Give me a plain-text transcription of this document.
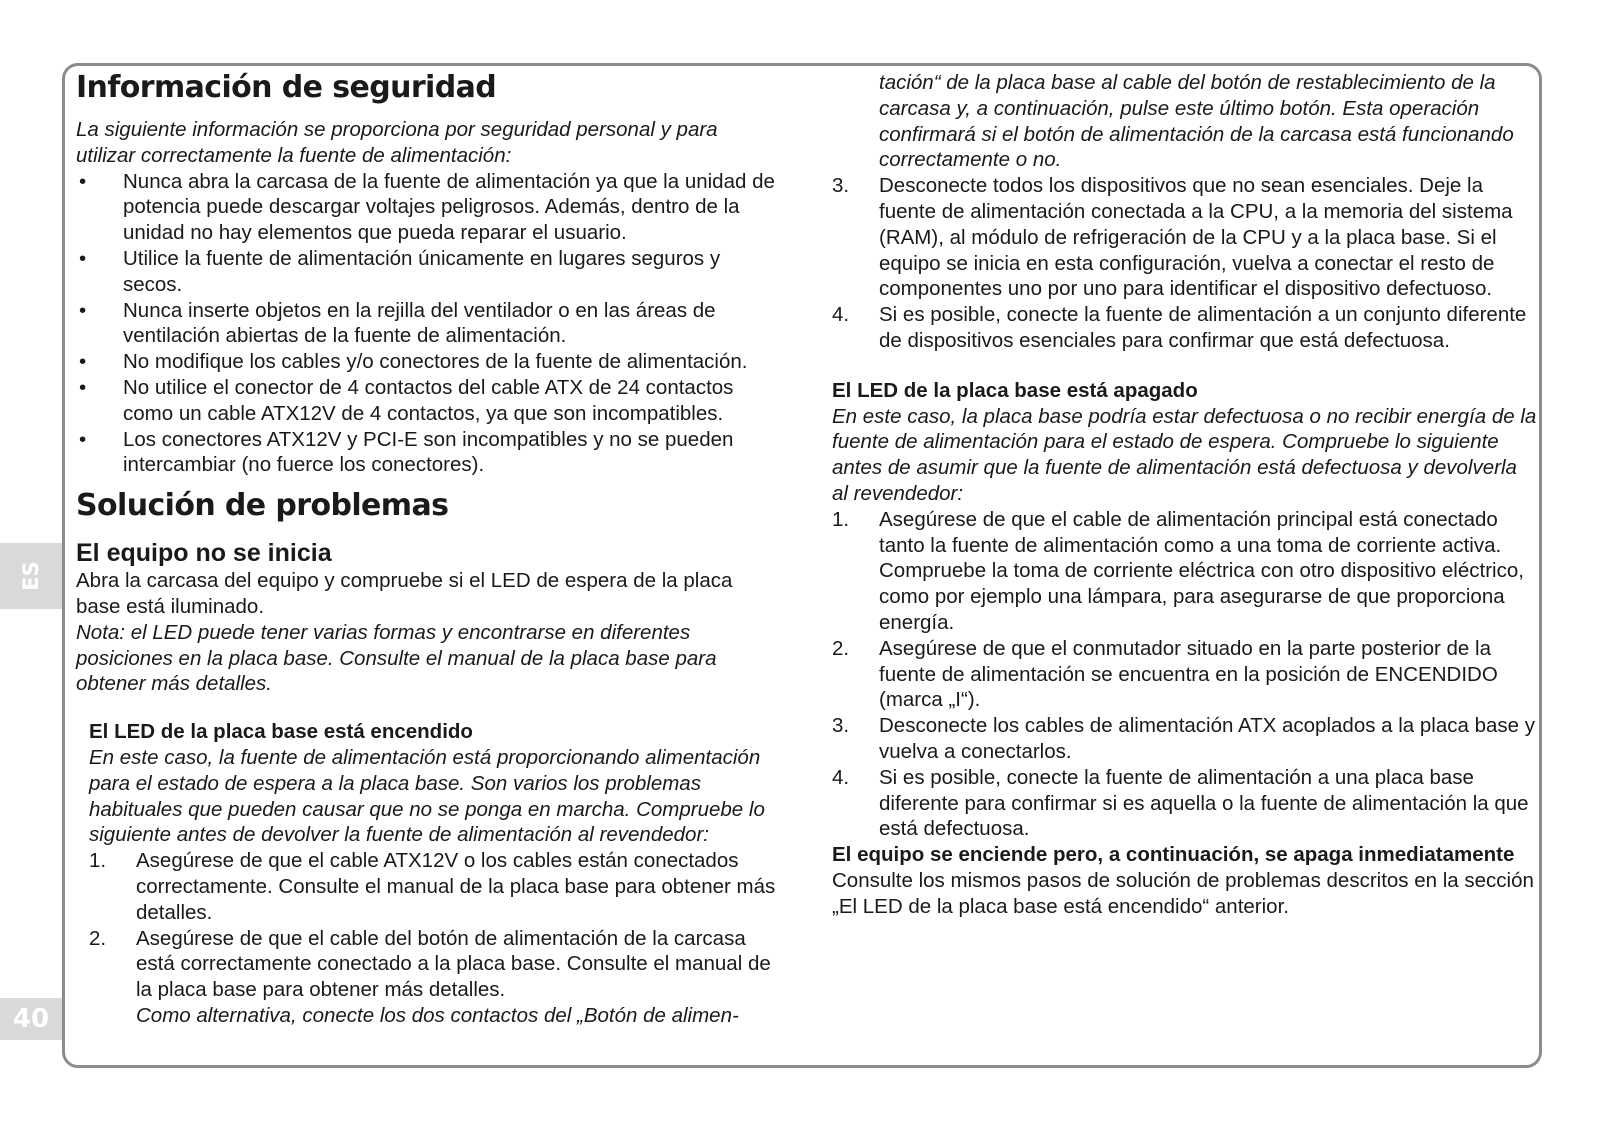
ES
40
Información de seguridad

La siguiente información se proporciona por seguridad personal y para utilizar correctamente la fuente de alimentación:

• Nunca abra la carcasa de la fuente de alimentación ya que la unidad de potencia puede descargar voltajes peligrosos. Además, dentro de la unidad no hay elementos que pueda reparar el usuario.
• Utilice la fuente de alimentación únicamente en lugares seguros y secos.
• Nunca inserte objetos en la rejilla del ventilador o en las áreas de ventilación abiertas de la fuente de alimentación.
• No modifique los cables y/o conectores de la fuente de alimentación.
• No utilice el conector de 4 contactos del cable ATX de 24 contactos como un cable ATX12V de 4 contactos, ya que son incompatibles.
• Los conectores ATX12V y PCI-E son incompatibles y no se pueden intercambiar (no fuerce los conectores).
Solución de problemas
El equipo no se inicia

Abra la carcasa del equipo y compruebe si el LED de espera de la placa base está iluminado.

Nota: el LED puede tener varias formas y encontrarse en diferentes posiciones en la placa base. Consulte el manual de la placa base para obtener más detalles.

El LED de la placa base está encendido

En este caso, la fuente de alimentación está proporcionando alimentación para el estado de espera a la placa base. Son varios los problemas habituales que pueden causar que no se ponga en marcha. Compruebe lo siguiente antes de devolver la fuente de alimentación al revendedor:

1. Asegúrese de que el cable ATX12V o los cables están conectados correctamente. Consulte el manual de la placa base para obtener más detalles.
2. Asegúrese de que el cable del botón de alimentación de la carcasa está correctamente conectado a la placa base. Consulte el manual de la placa base para obtener más detalles.
Como alternativa, conecte los dos contactos del „Botón de alimen-

tación“ de la placa base al cable del botón de restablecimiento de la carcasa y, a continuación, pulse este último botón. Esta operación confirmará si el botón de alimentación de la carcasa está funcionando correctamente o no.

3. Desconecte todos los dispositivos que no sean esenciales. Deje la fuente de alimentación conectada a la CPU, a la memoria del sistema (RAM), al módulo de refrigeración de la CPU y a la placa base. Si el equipo se inicia en esta configuración, vuelva a conectar el resto de componentes uno por uno para identificar el dispositivo defectuoso.
4. Si es posible, conecte la fuente de alimentación a un conjunto diferente de dispositivos esenciales para confirmar que está defectuosa.
El LED de la placa base está apagado

En este caso, la placa base podría estar defectuosa o no recibir energía de la fuente de alimentación para el estado de espera. Compruebe lo siguiente antes de asumir que la fuente de alimentación está defectuosa y devolverla al revendedor:

1. Asegúrese de que el cable de alimentación principal está conectado tanto la fuente de alimentación como a una toma de corriente activa. Compruebe la toma de corriente eléctrica con otro dispositivo eléctrico, como por ejemplo una lámpara, para asegurarse de que proporciona energía.
2. Asegúrese de que el conmutador situado en la parte posterior de la fuente de alimentación se encuentra en la posición de ENCENDIDO (marca „I“).
3. Desconecte los cables de alimentación ATX acoplados a la placa base y vuelva a conectarlos.
4. Si es posible, conecte la fuente de alimentación a una placa base diferente para confirmar si es aquella o la fuente de alimentación la que está defectuosa.
El equipo se enciende pero, a continuación, se apaga inmediatamente

Consulte los mismos pasos de solución de problemas descritos en la sección „El LED de la placa base está encendido“ anterior.
